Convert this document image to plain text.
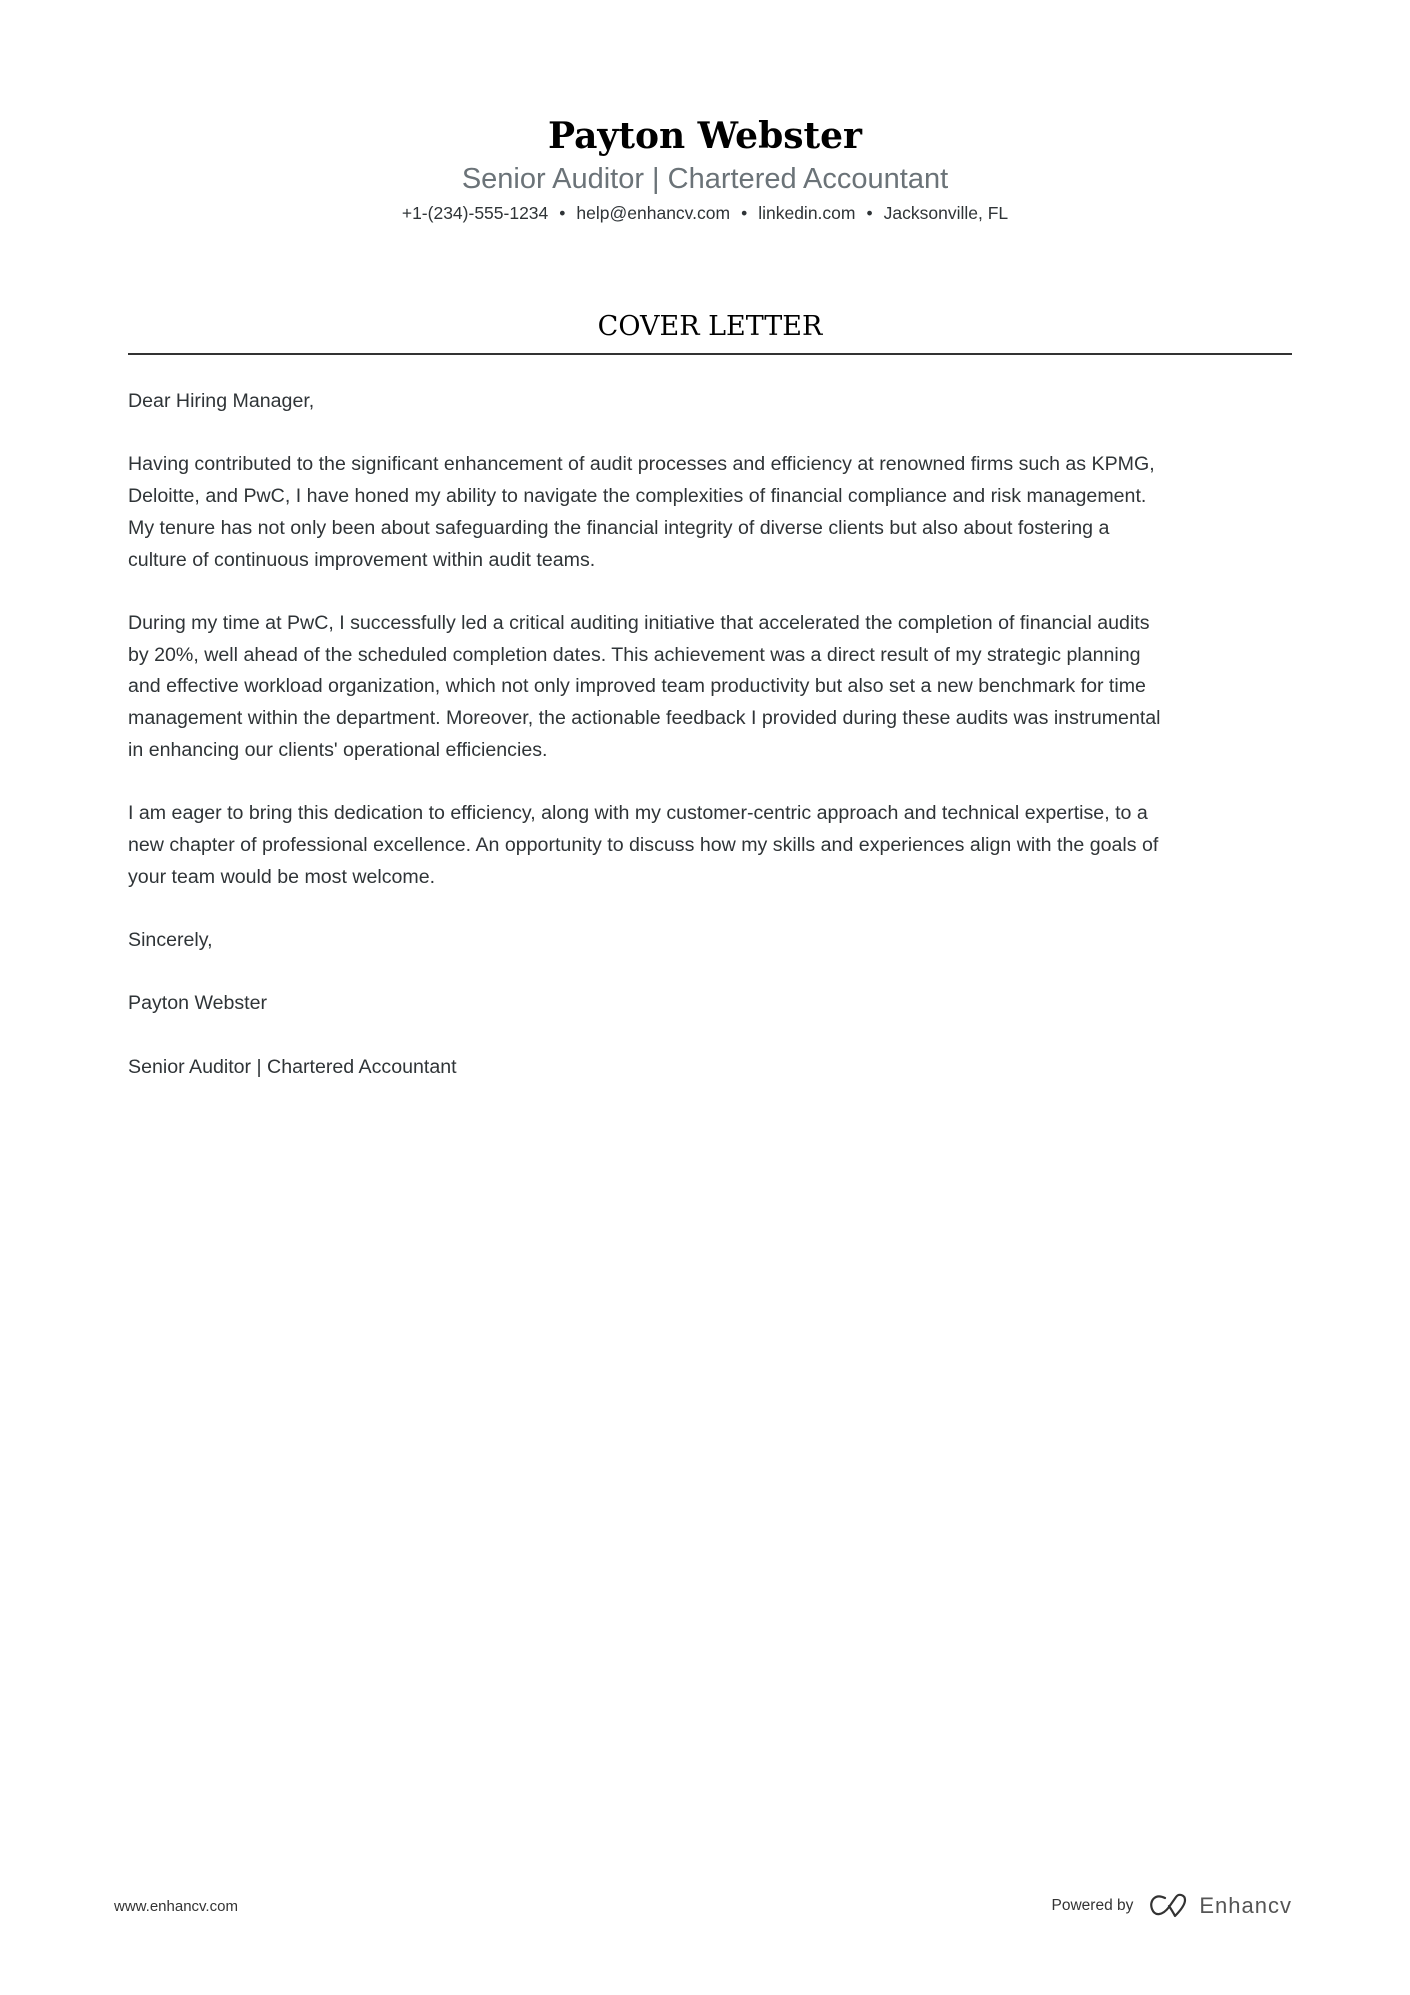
Payton Webster
Senior Auditor | Chartered Accountant
+1-(234)-555-1234 • help@enhancv.com • linkedin.com • Jacksonville, FL
COVER LETTER

Dear Hiring Manager,

Having contributed to the significant enhancement of audit processes and efficiency at renowned firms such as KPMG,
Deloitte, and PwC, I have honed my ability to navigate the complexities of financial compliance and risk management.
My tenure has not only been about safeguarding the financial integrity of diverse clients but also about fostering a
culture of continuous improvement within audit teams.

During my time at PwC, I successfully led a critical auditing initiative that accelerated the completion of financial audits
by 20%, well ahead of the scheduled completion dates. This achievement was a direct result of my strategic planning
and effective workload organization, which not only improved team productivity but also set a new benchmark for time
management within the department. Moreover, the actionable feedback I provided during these audits was instrumental
in enhancing our clients' operational efficiencies.

I am eager to bring this dedication to efficiency, along with my customer-centric approach and technical expertise, to a
new chapter of professional excellence. An opportunity to discuss how my skills and experiences align with the goals of
your team would be most welcome.

Sincerely,

Payton Webster

Senior Auditor | Chartered Accountant

www.enhancv.com	Powered by	Enhancv
